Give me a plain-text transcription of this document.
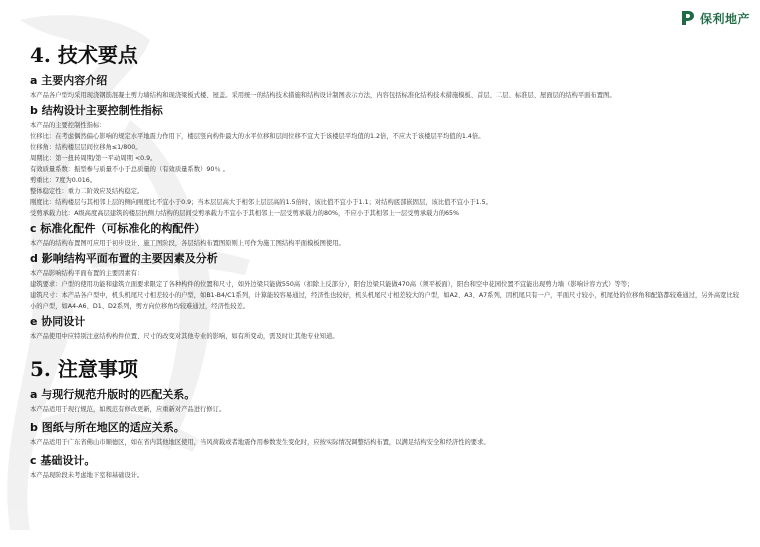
保利地产
4. 技术要点
a 主要内容介绍

本产品各户型均采用现浇钢筋混凝土剪力墙结构和现浇梁板式楼、屋盖。采用统一的结构技术措施和结构设计制图表示方法，内容包括标准化结构技术措施模板、首层、二层、标准层、屋面层的结构平面布置图。

b 结构设计主要控制性指标

本产品的主要控制性指标：

位移比：在考虑偶然偏心影响的规定水平地震力作用下，楼层竖向构件最大的水平位移和层间位移不宜大于该楼层平均值的1.2倍，不应大于该楼层平均值的1.4倍。

位移角：结构楼层层间位移角≤1/800。

周期比：第一扭转周期/第一平动周期 <0.9。

有效质量系数：振型参与质量不小于总质量的（有效质量系数）90％ 。

剪重比：7度为0.016。

整体稳定性：重力二阶效应及结构稳定。

刚度比：结构楼层与其相邻上层的侧向刚度比不宜小于0.9；当本层层高大于相邻上层层高的1.5倍时，该比值不宜小于1.1；对结构底部嵌固层，该比值不宜小于1.5。

受剪承载力比：A级高度高层建筑的楼层抗侧力结构的层间受剪承载力不宜小于其相邻上一层受剪承载力的80%，不应小于其相邻上一层受剪承载力的65%

c 标准化配件（可标准化的构配件）

本产品的结构布置图可应用于初步设计、施工图阶段，各层结构布置图原则上可作为施工图结构平面模板图使用。

d 影响结构平面布置的主要因素及分析

本产品影响结构平面布置的主要因素有：

建筑要求：户型的使用功能和建筑立面要求限定了各种构件的位置和尺寸，如外边梁只能做550高（扣除上反部分），阳台边梁只能做470高（须平板面），阳台和空中花园位置不宜能出现剪力墙（影响计容方式）等等；

建筑尺寸：本产品各户型中，机头机尾尺寸相差较小的户型，如B1-B4/C1系列，计算能较容易通过，经济性也较好，机头机尾尺寸相差较大的户型，如A2、A3、A7系列，因机尾只有一户，平面尺寸较小，机尾处的位移角和配筋都较难通过，另外高宽比较小的户型，如A4-A6、D1、D2系列，剪方向位移角均较难通过，经济性较差。

e 协同设计

本产品使用中应特别注意结构构件位置、尺寸的改变对其他专业的影响，如有所变动，需及时让其他专业知道。

5. 注意事项
a 与现行规范升版时的匹配关系。

本产品适用于现行规范，如规范有修改更新，应重新对产品进行修订。

b 图纸与所在地区的适应关系。

本产品适用于广东省佛山市顺德区，如在省内其他地区使用，当风荷载或者地震作用参数发生变化时，应按实际情况调整结构布置，以满足结构安全和经济性的要求。

c 基础设计。

本产品现阶段未考虑地下室和基础设计。
